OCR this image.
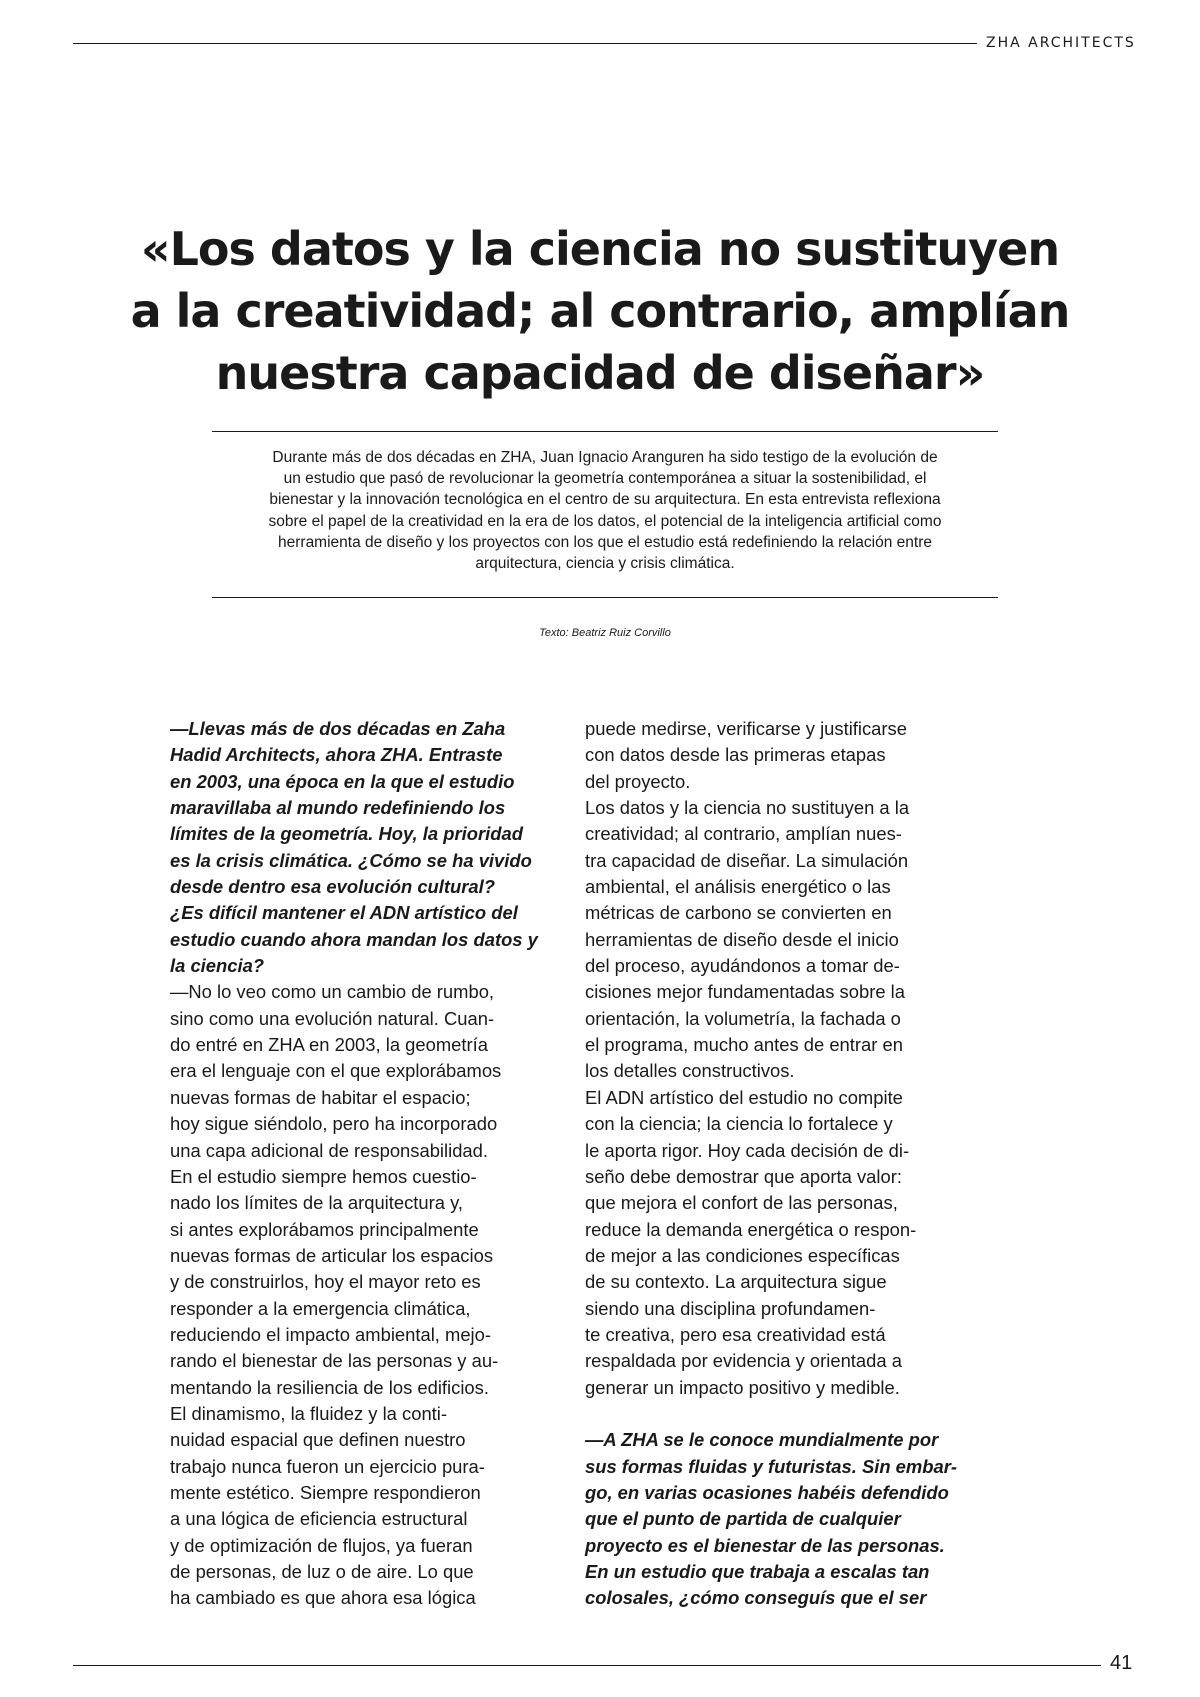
ZHA ARCHITECTS
«Los datos y la ciencia no sustituyen
a la creatividad; al contrario, amplían
nuestra capacidad de diseñar»

Durante más de dos décadas en ZHA, Juan Ignacio Aranguren ha sido testigo de la evolución de
un estudio que pasó de revolucionar la geometría contemporánea a situar la sostenibilidad, el
bienestar y la innovación tecnológica en el centro de su arquitectura. En esta entrevista reflexiona
sobre el papel de la creatividad en la era de los datos, el potencial de la inteligencia artificial como
herramienta de diseño y los proyectos con los que el estudio está redefiniendo la relación entre
arquitectura, ciencia y crisis climática.

Texto: Beatriz Ruiz Corvillo

—Llevas más de dos décadas en Zaha
Hadid Architects, ahora ZHA. Entraste
en 2003, una época en la que el estudio
maravillaba al mundo redefiniendo los
límites de la geometría. Hoy, la prioridad
es la crisis climática. ¿Cómo se ha vivido
desde dentro esa evolución cultural?
¿Es difícil mantener el ADN artístico del
estudio cuando ahora mandan los datos y
la ciencia?
—No lo veo como un cambio de rumbo,
sino como una evolución natural. Cuan-
do entré en ZHA en 2003, la geometría
era el lenguaje con el que explorábamos
nuevas formas de habitar el espacio;
hoy sigue siéndolo, pero ha incorporado
una capa adicional de responsabilidad.
En el estudio siempre hemos cuestio-
nado los límites de la arquitectura y,
si antes explorábamos principalmente
nuevas formas de articular los espacios
y de construirlos, hoy el mayor reto es
responder a la emergencia climática,
reduciendo el impacto ambiental, mejo-
rando el bienestar de las personas y au-
mentando la resiliencia de los edificios.
El dinamismo, la fluidez y la conti-
nuidad espacial que definen nuestro
trabajo nunca fueron un ejercicio pura-
mente estético. Siempre respondieron
a una lógica de eficiencia estructural
y de optimización de flujos, ya fueran
de personas, de luz o de aire. Lo que
ha cambiado es que ahora esa lógica
puede medirse, verificarse y justificarse
con datos desde las primeras etapas
del proyecto.
Los datos y la ciencia no sustituyen a la
creatividad; al contrario, amplían nues-
tra capacidad de diseñar. La simulación
ambiental, el análisis energético o las
métricas de carbono se convierten en
herramientas de diseño desde el inicio
del proceso, ayudándonos a tomar de-
cisiones mejor fundamentadas sobre la
orientación, la volumetría, la fachada o
el programa, mucho antes de entrar en
los detalles constructivos.
El ADN artístico del estudio no compite
con la ciencia; la ciencia lo fortalece y
le aporta rigor. Hoy cada decisión de di-
seño debe demostrar que aporta valor:
que mejora el confort de las personas,
reduce la demanda energética o respon-
de mejor a las condiciones específicas
de su contexto. La arquitectura sigue
siendo una disciplina profundamen-
te creativa, pero esa creatividad está
respaldada por evidencia y orientada a
generar un impacto positivo y medible.
—A ZHA se le conoce mundialmente por
sus formas fluidas y futuristas. Sin embar-
go, en varias ocasiones habéis defendido
que el punto de partida de cualquier
proyecto es el bienestar de las personas.
En un estudio que trabaja a escalas tan
colosales, ¿cómo conseguís que el ser
41
